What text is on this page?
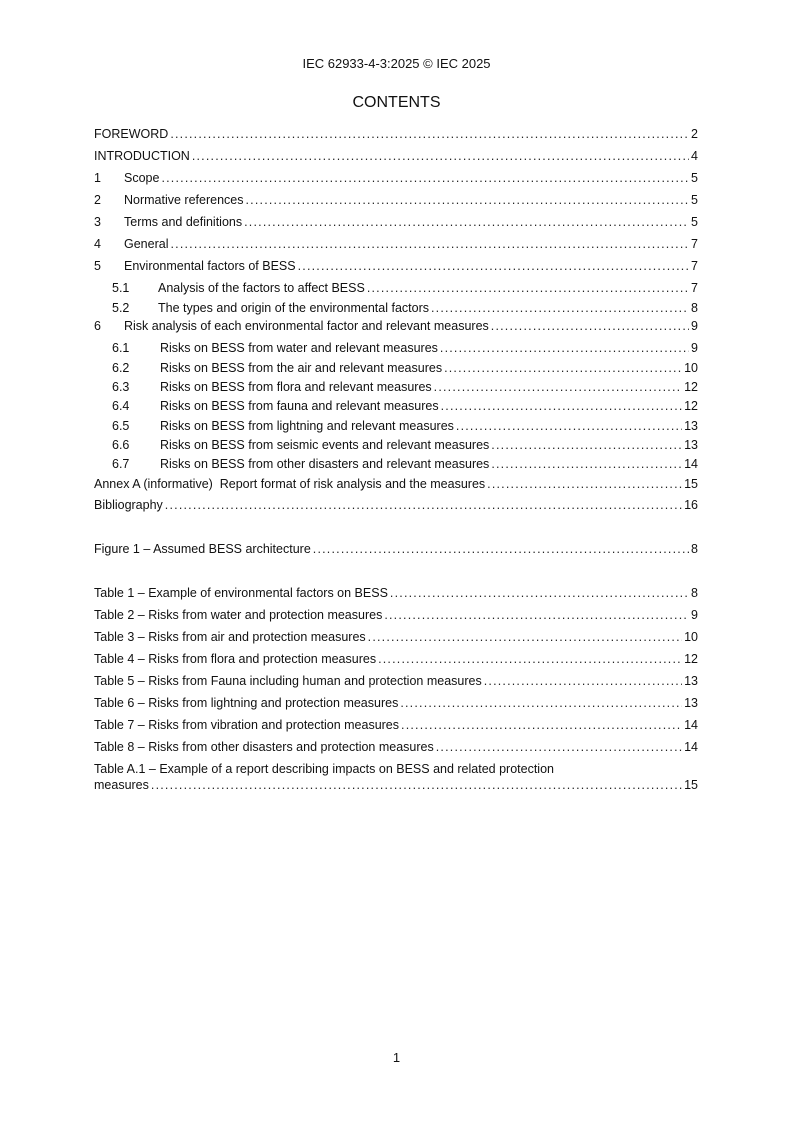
IEC 62933-4-3:2025 © IEC 2025
CONTENTS
FOREWORD .....	2
INTRODUCTION .....	4
1	Scope .....	5
2	Normative references .....	5
3	Terms and definitions .....	5
4	General .....	7
5	Environmental factors of BESS .....	7
5.1	Analysis of the factors to affect BESS .....	7
5.2	The types and origin of the environmental factors .....	8
6	Risk analysis of each environmental factor and relevant measures .....	9
6.1	Risks on BESS from water and relevant measures .....	9
6.2	Risks on BESS from the air and relevant measures .....	10
6.3	Risks on BESS from flora and relevant measures .....	12
6.4	Risks on BESS from fauna and relevant measures .....	12
6.5	Risks on BESS from lightning and relevant measures .....	13
6.6	Risks on BESS from seismic events and relevant measures .....	13
6.7	Risks on BESS from other disasters and relevant measures .....	14
Annex A (informative)  Report format of risk analysis and the measures .....	15
Bibliography .....	16
Figure 1 – Assumed BESS architecture .....	8
Table 1 – Example of environmental factors on BESS .....	8
Table 2 – Risks from water and protection measures .....	9
Table 3 – Risks from air and protection measures .....	10
Table 4 – Risks from flora and protection measures .....	12
Table 5 – Risks from Fauna including human and protection measures .....	13
Table 6 – Risks from lightning and protection measures .....	13
Table 7 – Risks from vibration and protection measures .....	14
Table 8 – Risks from other disasters and protection measures .....	14
Table A.1 – Example of a report describing impacts on BESS and related protection
measures .....	15
1
